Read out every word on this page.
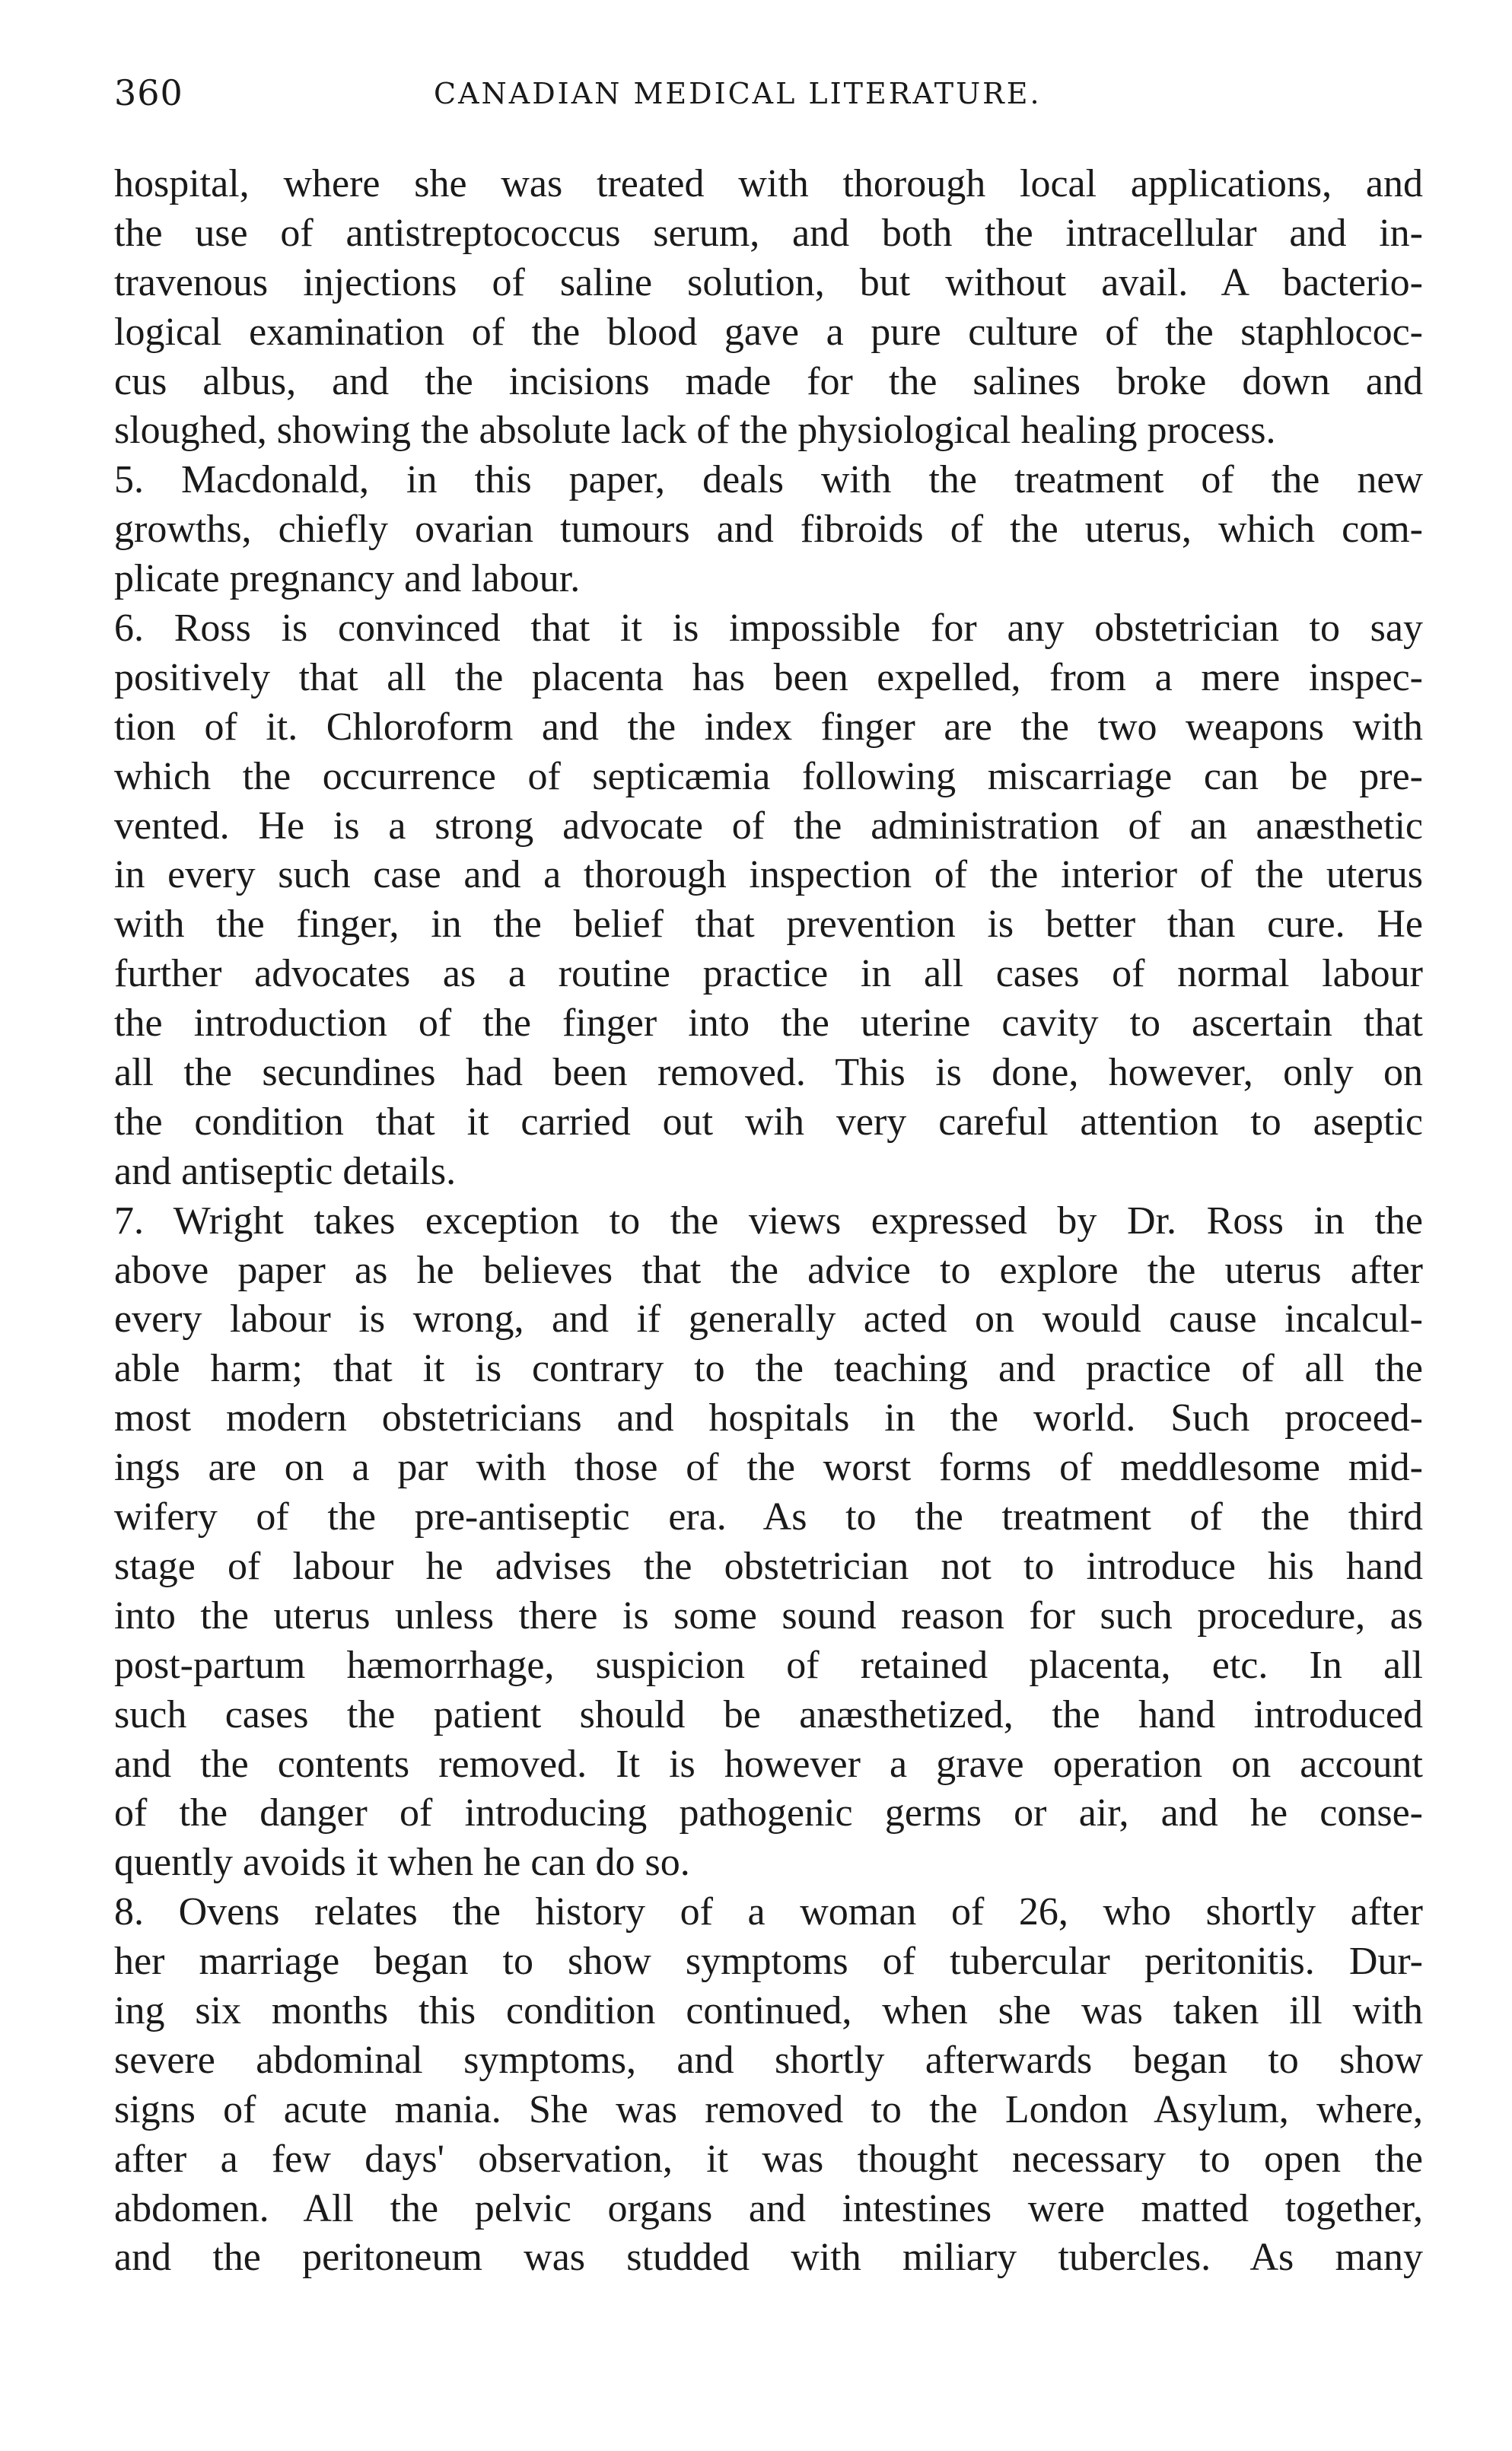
360	CANADIAN MEDICAL LITERATURE.
hospital, where she was treated with thorough local applications, and
the use of antistreptococcus serum, and both the intracellular and in-
travenous injections of saline solution, but without avail. A bacterio-
logical examination of the blood gave a pure culture of the staphlococ-
cus albus, and the incisions made for the salines broke down and
sloughed, showing the absolute lack of the physiological healing process.
5. Macdonald, in this paper, deals with the treatment of the new
growths, chiefly ovarian tumours and fibroids of the uterus, which com-
plicate pregnancy and labour.
6. Ross is convinced that it is impossible for any obstetrician to say
positively that all the placenta has been expelled, from a mere inspec-
tion of it. Chloroform and the index finger are the two weapons with
which the occurrence of septicæmia following miscarriage can be pre-
vented. He is a strong advocate of the administration of an anæsthetic
in every such case and a thorough inspection of the interior of the uterus
with the finger, in the belief that prevention is better than cure. He
further advocates as a routine practice in all cases of normal labour
the introduction of the finger into the uterine cavity to ascertain that
all the secundines had been removed. This is done, however, only on
the condition that it carried out wih very careful attention to aseptic
and antiseptic details.
7. Wright takes exception to the views expressed by Dr. Ross in the
above paper as he believes that the advice to explore the uterus after
every labour is wrong, and if generally acted on would cause incalcul-
able harm; that it is contrary to the teaching and practice of all the
most modern obstetricians and hospitals in the world. Such proceed-
ings are on a par with those of the worst forms of meddlesome mid-
wifery of the pre-antiseptic era. As to the treatment of the third
stage of labour he advises the obstetrician not to introduce his hand
into the uterus unless there is some sound reason for such procedure, as
post-partum hæmorrhage, suspicion of retained placenta, etc. In all
such cases the patient should be anæsthetized, the hand introduced
and the contents removed. It is however a grave operation on account
of the danger of introducing pathogenic germs or air, and he conse-
quently avoids it when he can do so.
8. Ovens relates the history of a woman of 26, who shortly after
her marriage began to show symptoms of tubercular peritonitis. Dur-
ing six months this condition continued, when she was taken ill with
severe abdominal symptoms, and shortly afterwards began to show
signs of acute mania. She was removed to the London Asylum, where,
after a few days' observation, it was thought necessary to open the
abdomen. All the pelvic organs and intestines were matted together,
and the peritoneum was studded with miliary tubercles. As many
